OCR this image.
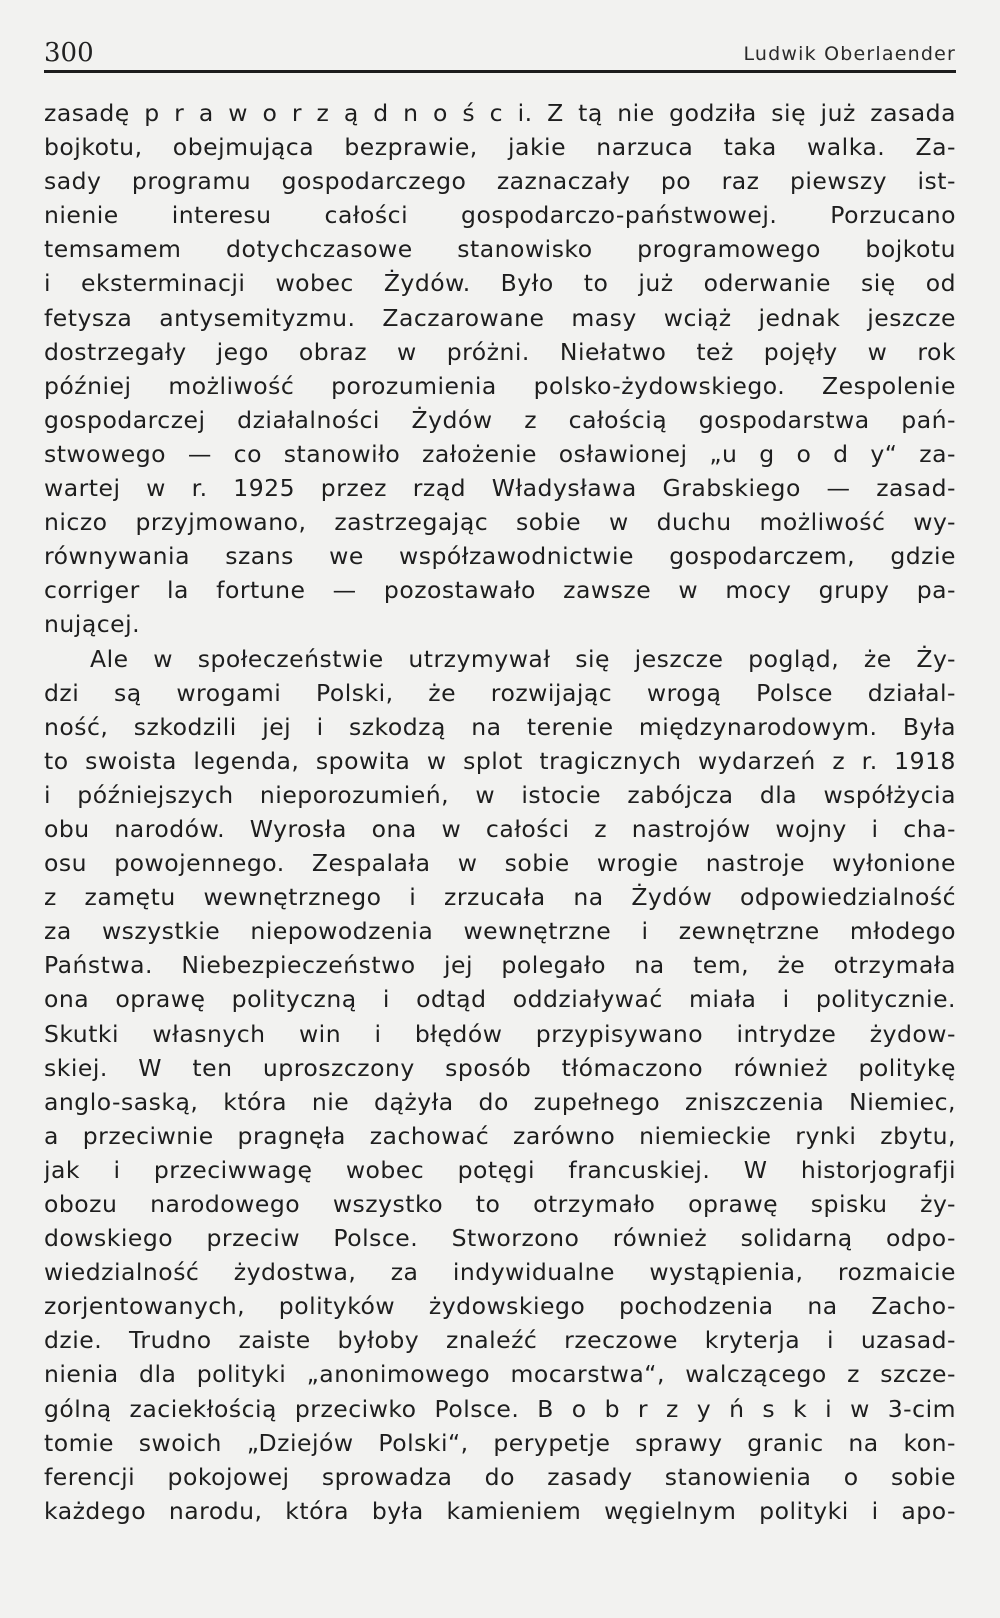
300	Ludwik Oberlaender
zasadę p r a w o r z ą d n o ś c i. Z tą nie godziła się już zasada
bojkotu, obejmująca bezprawie, jakie narzuca taka walka. Za-
sady programu gospodarczego zaznaczały po raz piewszy ist-
nienie interesu całości gospodarczo-państwowej. Porzucano
temsamem dotychczasowe stanowisko programowego bojkotu
i eksterminacji wobec Żydów. Było to już oderwanie się od
fetysza antysemityzmu. Zaczarowane masy wciąż jednak jeszcze
dostrzegały jego obraz w próżni. Niełatwo też pojęły w rok
później możliwość porozumienia polsko-żydowskiego. Zespolenie
gospodarczej działalności Żydów z całością gospodarstwa pań-
stwowego — co stanowiło założenie osławionej „u g o d y“ za-
wartej w r. 1925 przez rząd Władysława Grabskiego — zasad-
niczo przyjmowano, zastrzegając sobie w duchu możliwość wy-
równywania szans we współzawodnictwie gospodarczem, gdzie
corriger la fortune — pozostawało zawsze w mocy grupy pa-
nującej.
Ale w społeczeństwie utrzymywał się jeszcze pogląd, że Ży-
dzi są wrogami Polski, że rozwijając wrogą Polsce działal-
ność, szkodzili jej i szkodzą na terenie międzynarodowym. Była
to swoista legenda, spowita w splot tragicznych wydarzeń z r. 1918
i późniejszych nieporozumień, w istocie zabójcza dla współżycia
obu narodów. Wyrosła ona w całości z nastrojów wojny i cha-
osu powojennego. Zespalała w sobie wrogie nastroje wyłonione
z zamętu wewnętrznego i zrzucała na Żydów odpowiedzialność
za wszystkie niepowodzenia wewnętrzne i zewnętrzne młodego
Państwa. Niebezpieczeństwo jej polegało na tem, że otrzymała
ona oprawę polityczną i odtąd oddziaływać miała i politycznie.
Skutki własnych win i błędów przypisywano intrydze żydow-
skiej. W ten uproszczony sposób tłómaczono również politykę
anglo-saską, która nie dążyła do zupełnego zniszczenia Niemiec,
a przeciwnie pragnęła zachować zarówno niemieckie rynki zbytu,
jak i przeciwwagę wobec potęgi francuskiej. W historjografji
obozu narodowego wszystko to otrzymało oprawę spisku ży-
dowskiego przeciw Polsce. Stworzono również solidarną odpo-
wiedzialność żydostwa, za indywidualne wystąpienia, rozmaicie
zorjentowanych, polityków żydowskiego pochodzenia na Zacho-
dzie. Trudno zaiste byłoby znaleźć rzeczowe kryterja i uzasad-
nienia dla polityki „anonimowego mocarstwa“, walczącego z szcze-
gólną zaciekłością przeciwko Polsce. B o b r z y ń s k i w 3-cim
tomie swoich „Dziejów Polski“, perypetje sprawy granic na kon-
ferencji pokojowej sprowadza do zasady stanowienia o sobie
każdego narodu, która była kamieniem węgielnym polityki i apo-
